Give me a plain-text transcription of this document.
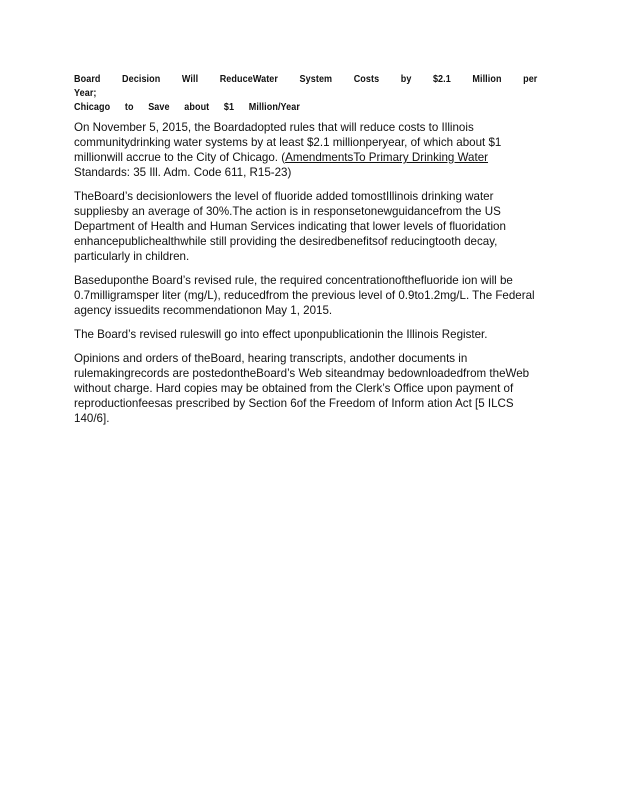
Board Decision Will ReduceWater System Costs by $2.1 Million per Year;
Chicago to Save about $1 Million/Year

On November 5, 2015, the Boardadopted rules that will reduce costs to Illinois communitydrinking water systems by at least $2.1 millionperyear, of which about $1 millionwill accrue to the City of Chicago. (AmendmentsTo Primary Drinking Water Standards: 35 Ill. Adm. Code 611, R15-23)

TheBoard’s decisionlowers the level of fluoride added tomostIllinois drinking water suppliesby an average of 30%.The action is in responsetonewguidancefrom the US Department of Health and Human Services indicating that lower levels of fluoridation enhancepublichealthwhile still providing the desiredbenefitsof reducingtooth decay, particularly in children.

Baseduponthe Board’s revised rule, the required concentrationofthefluoride ion will be 0.7milligramsper liter (mg/L), reducedfrom the previous level of 0.9to1.2mg/L. The Federal agency issuedits recommendationon May 1, 2015.

The Board’s revised ruleswill go into effect uponpublicationin the Illinois Register.

Opinions and orders of theBoard, hearing transcripts, andother documents in rulemakingrecords are postedontheBoard’s Web siteandmay bedownloadedfrom theWeb without charge. Hard copies may be obtained from the Clerk’s Office upon payment of reproductionfeesas prescribed by Section 6of the Freedom of Inform ation Act [5 ILCS 140/6].
